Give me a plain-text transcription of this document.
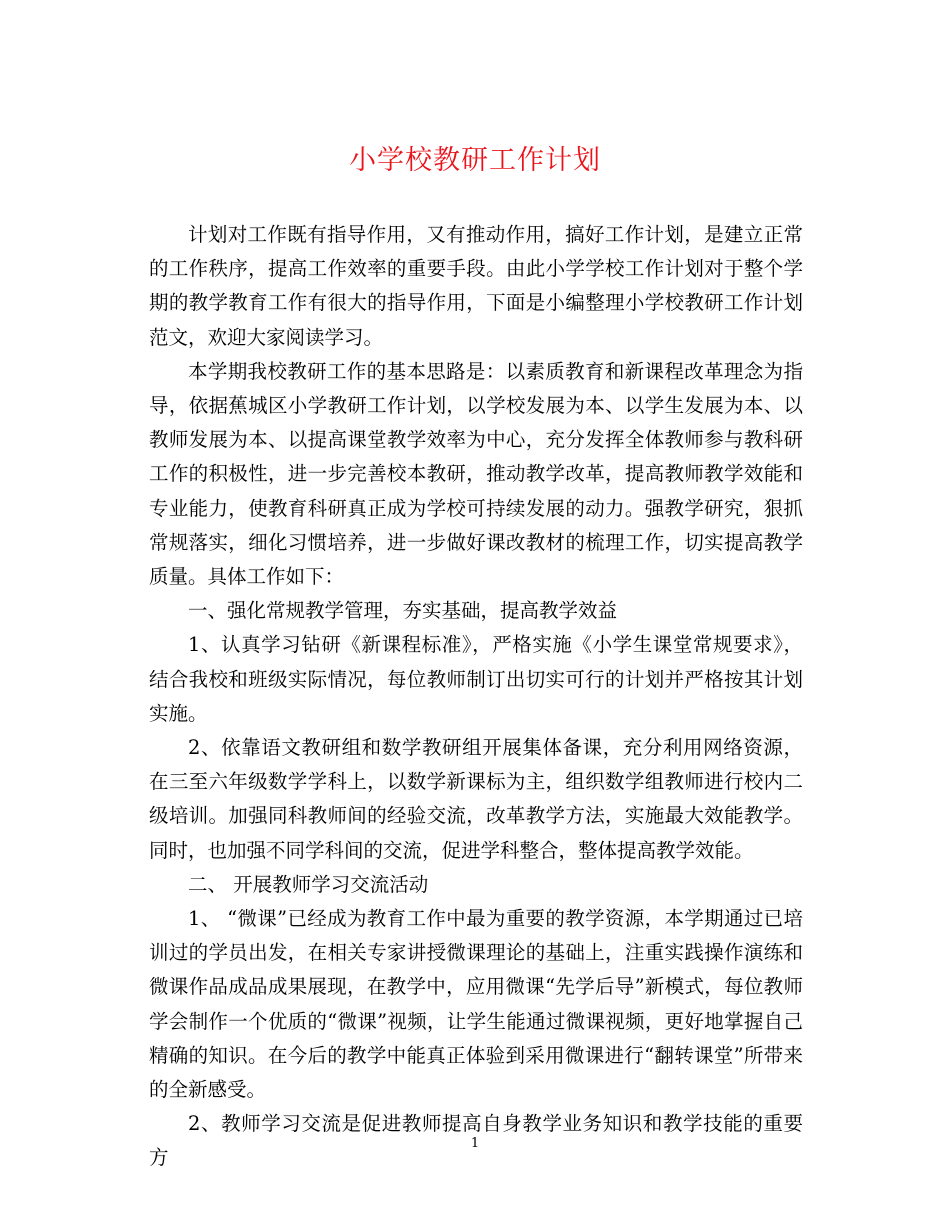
小学校教研工作计划

计划对工作既有指导作用，又有推动作用，搞好工作计划，是建立正常的工作秩序，提高工作效率的重要手段。由此小学学校工作计划对于整个学期的教学教育工作有很大的指导作用，下面是小编整理小学校教研工作计划范文，欢迎大家阅读学习。

本学期我校教研工作的基本思路是：以素质教育和新课程改革理念为指导，依据蕉城区小学教研工作计划，以学校发展为本、以学生发展为本、以教师发展为本、以提高课堂教学效率为中心，充分发挥全体教师参与教科研工作的积极性，进一步完善校本教研，推动教学改革，提高教师教学效能和专业能力，使教育科研真正成为学校可持续发展的动力。强教学研究，狠抓常规落实，细化习惯培养，进一步做好课改教材的梳理工作，切实提高教学质量。具体工作如下：

一、强化常规教学管理，夯实基础，提高教学效益

1、认真学习钻研《新课程标准》，严格实施《小学生课堂常规要求》，结合我校和班级实际情况，每位教师制订出切实可行的计划并严格按其计划实施。

2、依靠语文教研组和数学教研组开展集体备课，充分利用网络资源，在三至六年级数学学科上，以数学新课标为主，组织数学组教师进行校内二级培训。加强同科教师间的经验交流，改革教学方法，实施最大效能教学。同时，也加强不同学科间的交流，促进学科整合，整体提高教学效能。

二、 开展教师学习交流活动

1、 “微课”已经成为教育工作中最为重要的教学资源，本学期通过已培训过的学员出发，在相关专家讲授微课理论的基础上，注重实践操作演练和微课作品成品成果展现，在教学中，应用微课“先学后导”新模式，每位教师学会制作一个优质的“微课”视频，让学生能通过微课视频，更好地掌握自己精确的知识。在今后的教学中能真正体验到采用微课进行“翻转课堂”所带来的全新感受。

2、教师学习交流是促进教师提高自身教学业务知识和教学技能的重要方

1
